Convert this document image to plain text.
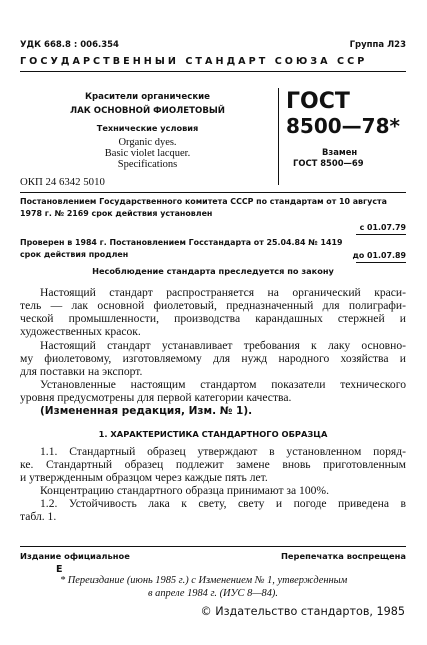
УДК 668.8 : 006.354	Группа Л23
ГОСУДАРСТВЕННЫЙ СТАНДАРТ СОЮЗА ССР
Красители органические
ЛАК ОСНОВНОЙ ФИОЛЕТОВЫЙ
Технические условия
Organic dyes.
Basic violet lacquer.
Specifications
ГОСТ
8500—78*
Взамен
ГОСТ 8500—69
ОКП 24 6342 5010
Постановлением Государственного комитета СССР по стандартам от 10 августа
1978 г. № 2169 срок действия установлен
с 01.07.79
Проверен в 1984 г. Постановлением Госстандарта от 25.04.84 № 1419
срок действия продлен	до 01.07.89
Несоблюдение стандарта преследуется по закону
Настоящий стандарт распространяется на органический краси-
тель — лак основной фиолетовый, предназначенный для полиграфи-
ческой промышленности, производства карандашных стержней и
художественных красок.
Настоящий стандарт устанавливает требования к лаку основно-
му фиолетовому, изготовляемому для нужд народного хозяйства и
для поставки на экспорт.
Установленные настоящим стандартом показатели технического
уровня предусмотрены для первой категории качества.
(Измененная редакция, Изм. № 1).
1. ХАРАКТЕРИСТИКА СТАНДАРТНОГО ОБРАЗЦА
1.1. Стандартный образец утверждают в установленном поряд-
ке. Стандартный образец подлежит замене вновь приготовленным
и утвержденным образцом через каждые пять лет.
Концентрацию стандартного образца принимают за 100%.
1.2. Устойчивость лака к свету, свету и погоде приведена в
табл. 1.
Издание официальное	Перепечатка воспрещена
Е
* Переиздание (июнь 1985 г.) с Изменением № 1, утвержденным
в апреле 1984 г. (ИУС 8—84).
© Издательство стандартов, 1985
